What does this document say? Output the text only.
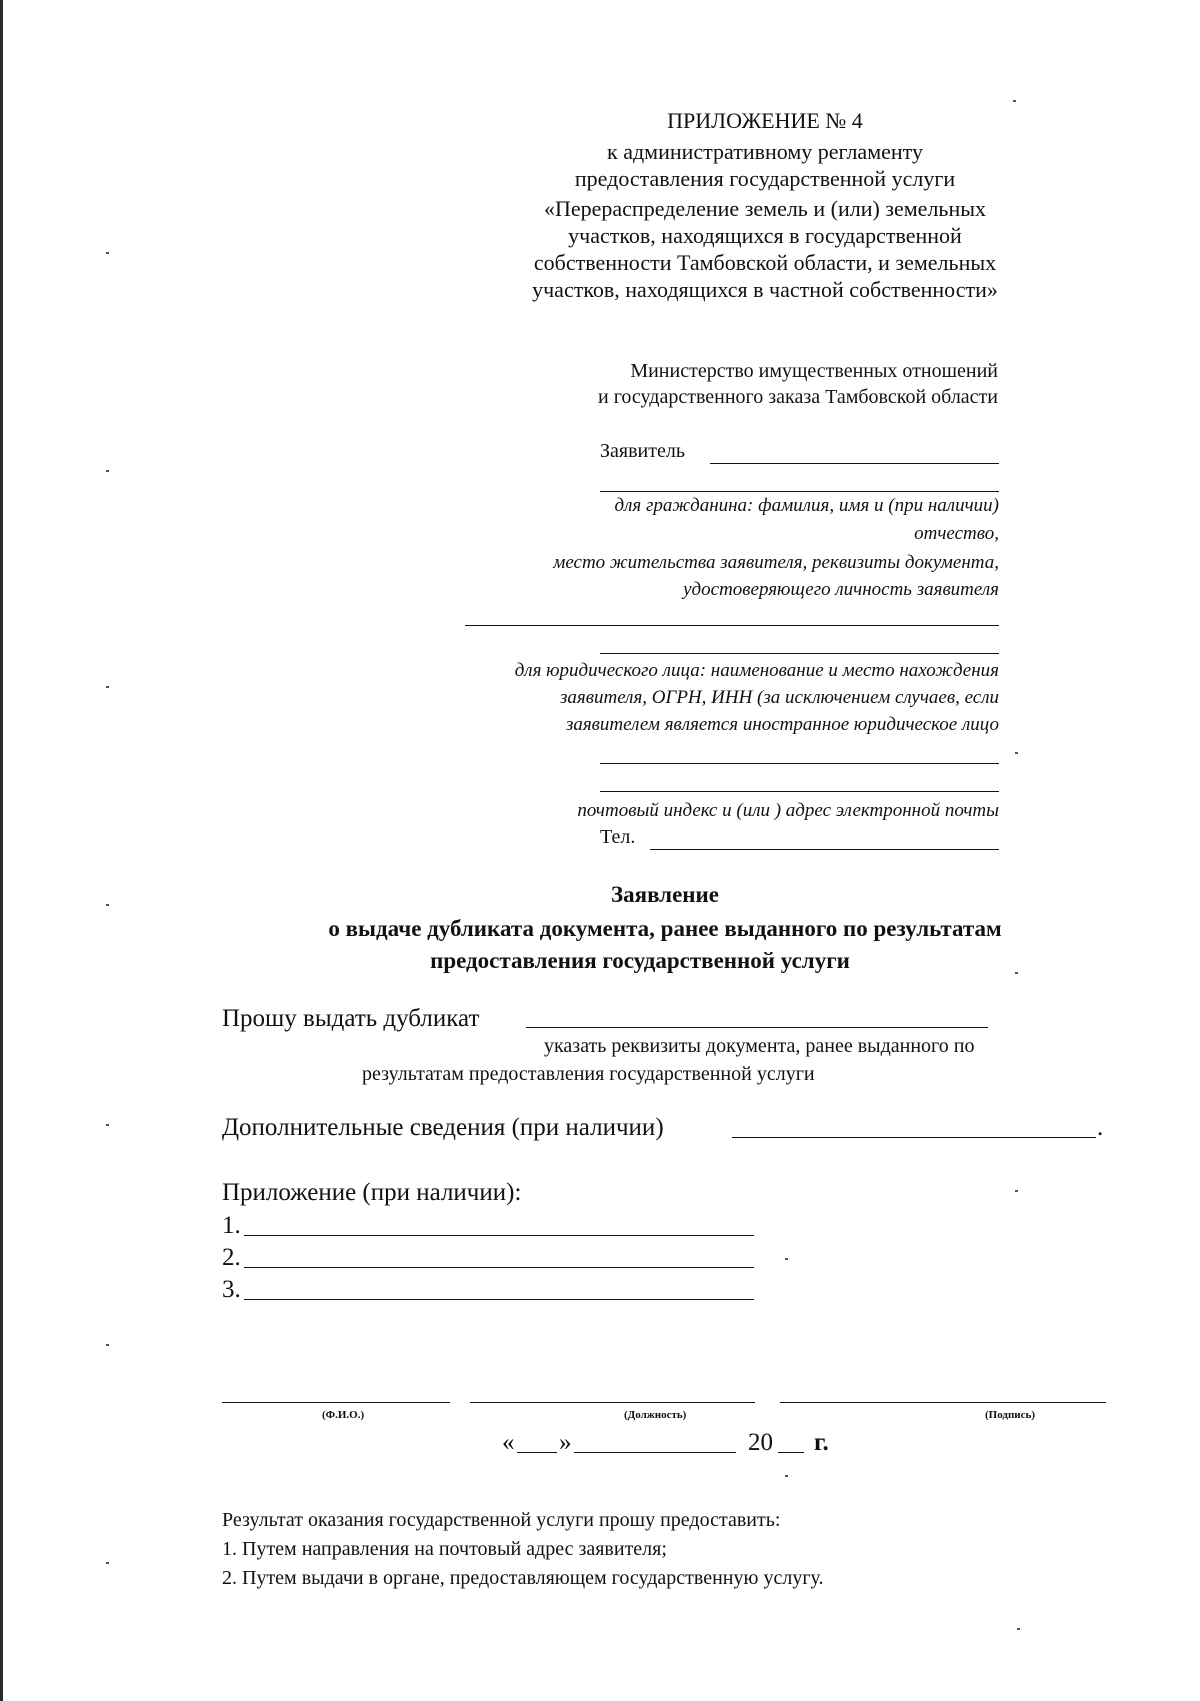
ПРИЛОЖЕНИЕ № 4
к административному регламенту
предоставления государственной услуги
«Перераспределение земель и (или) земельных
участков, находящихся в государственной
собственности Тамбовской области, и земельных
участков, находящихся в частной собственности»
Министерство имущественных отношений
и государственного заказа Тамбовской области
Заявитель
для гражданина: фамилия, имя и (при наличии)
отчество,
место жительства заявителя, реквизиты документа,
удостоверяющего личность заявителя
для юридического лица: наименование и место нахождения
заявителя, ОГРН, ИНН (за исключением случаев, если
заявителем является иностранное юридическое лицо
почтовый индекс и (или ) адрес электронной почты
Тел.
Заявление
о выдаче дубликата документа, ранее выданного по результатам
предоставления государственной услуги
Прошу выдать дубликат
указать реквизиты документа, ранее выданного по
результатам предоставления государственной услуги
Дополнительные сведения (при наличии)	.
Приложение (при наличии):
1.
2.
3.
(Ф.И.О.)	(Должность)	(Подпись)
« »	20 г.
Результат оказания государственной услуги прошу предоставить:
1. Путем направления на почтовый адрес заявителя;
2. Путем выдачи в органе, предоставляющем государственную услугу.
